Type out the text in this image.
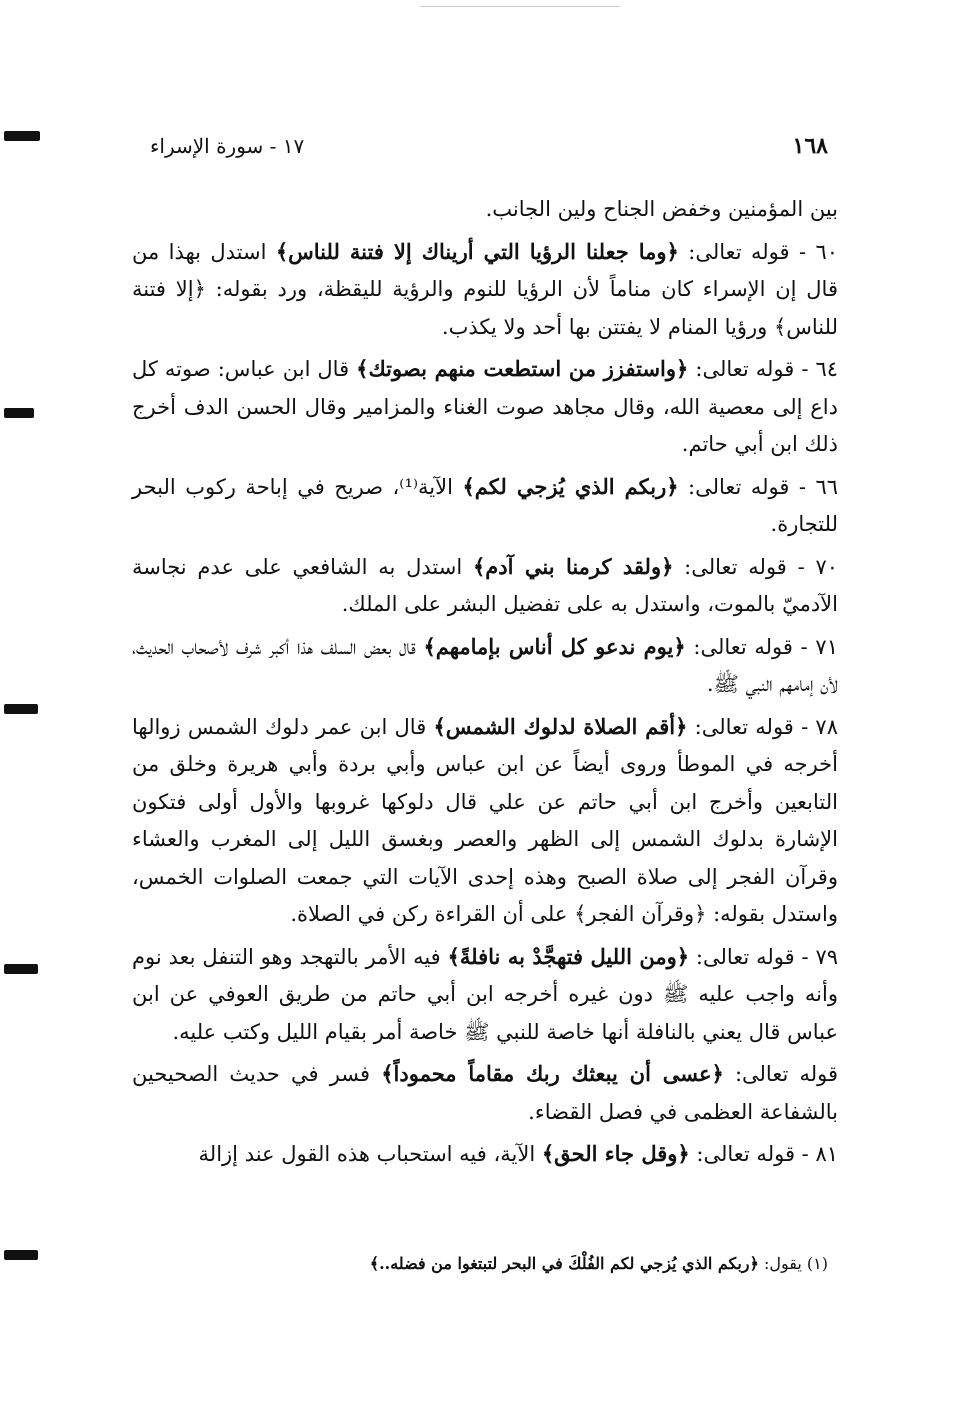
١٦٨
١٧ - سورة الإسراء

بين المؤمنين وخفض الجناح ولين الجانب.

٦٠ - قوله تعالى: ﴿وما جعلنا الرؤيا التي أريناك إلا فتنة للناس﴾ استدل بهذا من قال إن الإسراء كان مناماً لأن الرؤيا للنوم والرؤية لليقظة، ورد بقوله: ﴿إلا فتنة للناس﴾ ورؤيا المنام لا يفتتن بها أحد ولا يكذب.

٦٤ - قوله تعالى: ﴿واستفزز من استطعت منهم بصوتك﴾ قال ابن عباس: صوته كل داع إلى معصية الله، وقال مجاهد صوت الغناء والمزامير وقال الحسن الدف أخرج ذلك ابن أبي حاتم.

٦٦ - قوله تعالى: ﴿ربكم الذي يُزجي لكم﴾ الآية⁽¹⁾، صريح في إباحة ركوب البحر للتجارة.

٧٠ - قوله تعالى: ﴿ولقد كرمنا بني آدم﴾ استدل به الشافعي على عدم نجاسة الآدميّ بالموت، واستدل به على تفضيل البشر على الملك.

٧١ - قوله تعالى: ﴿يوم ندعو كل أناس بإمامهم﴾ قال بعض السلف هذا أكبر شرف لأصحاب الحديث، لأن إمامهم النبي ﷺ.

٧٨ - قوله تعالى: ﴿أقم الصلاة لدلوك الشمس﴾ قال ابن عمر دلوك الشمس زوالها أخرجه في الموطأ وروى أيضاً عن ابن عباس وأبي بردة وأبي هريرة وخلق من التابعين وأخرج ابن أبي حاتم عن علي قال دلوكها غروبها والأول أولى فتكون الإشارة بدلوك الشمس إلى الظهر والعصر وبغسق الليل إلى المغرب والعشاء وقرآن الفجر إلى صلاة الصبح وهذه إحدى الآيات التي جمعت الصلوات الخمس، واستدل بقوله: ﴿وقرآن الفجر﴾ على أن القراءة ركن في الصلاة.

٧٩ - قوله تعالى: ﴿ومن الليل فتهجَّدْ به نافلةً﴾ فيه الأمر بالتهجد وهو التنفل بعد نوم وأنه واجب عليه ﷺ دون غيره أخرجه ابن أبي حاتم من طريق العوفي عن ابن عباس قال يعني بالنافلة أنها خاصة للنبي ﷺ خاصة أمر بقيام الليل وكتب عليه.

قوله تعالى: ﴿عسى أن يبعثك ربك مقاماً محموداً﴾ فسر في حديث الصحيحين بالشفاعة العظمى في فصل القضاء.

٨١ - قوله تعالى: ﴿وقل جاء الحق﴾ الآية، فيه استحباب هذه القول عند إزالة

(١) يقول: ﴿ربكم الذي يُزجي لكم الفُلْكَ في البحر لتبتغوا من فضله..﴾
